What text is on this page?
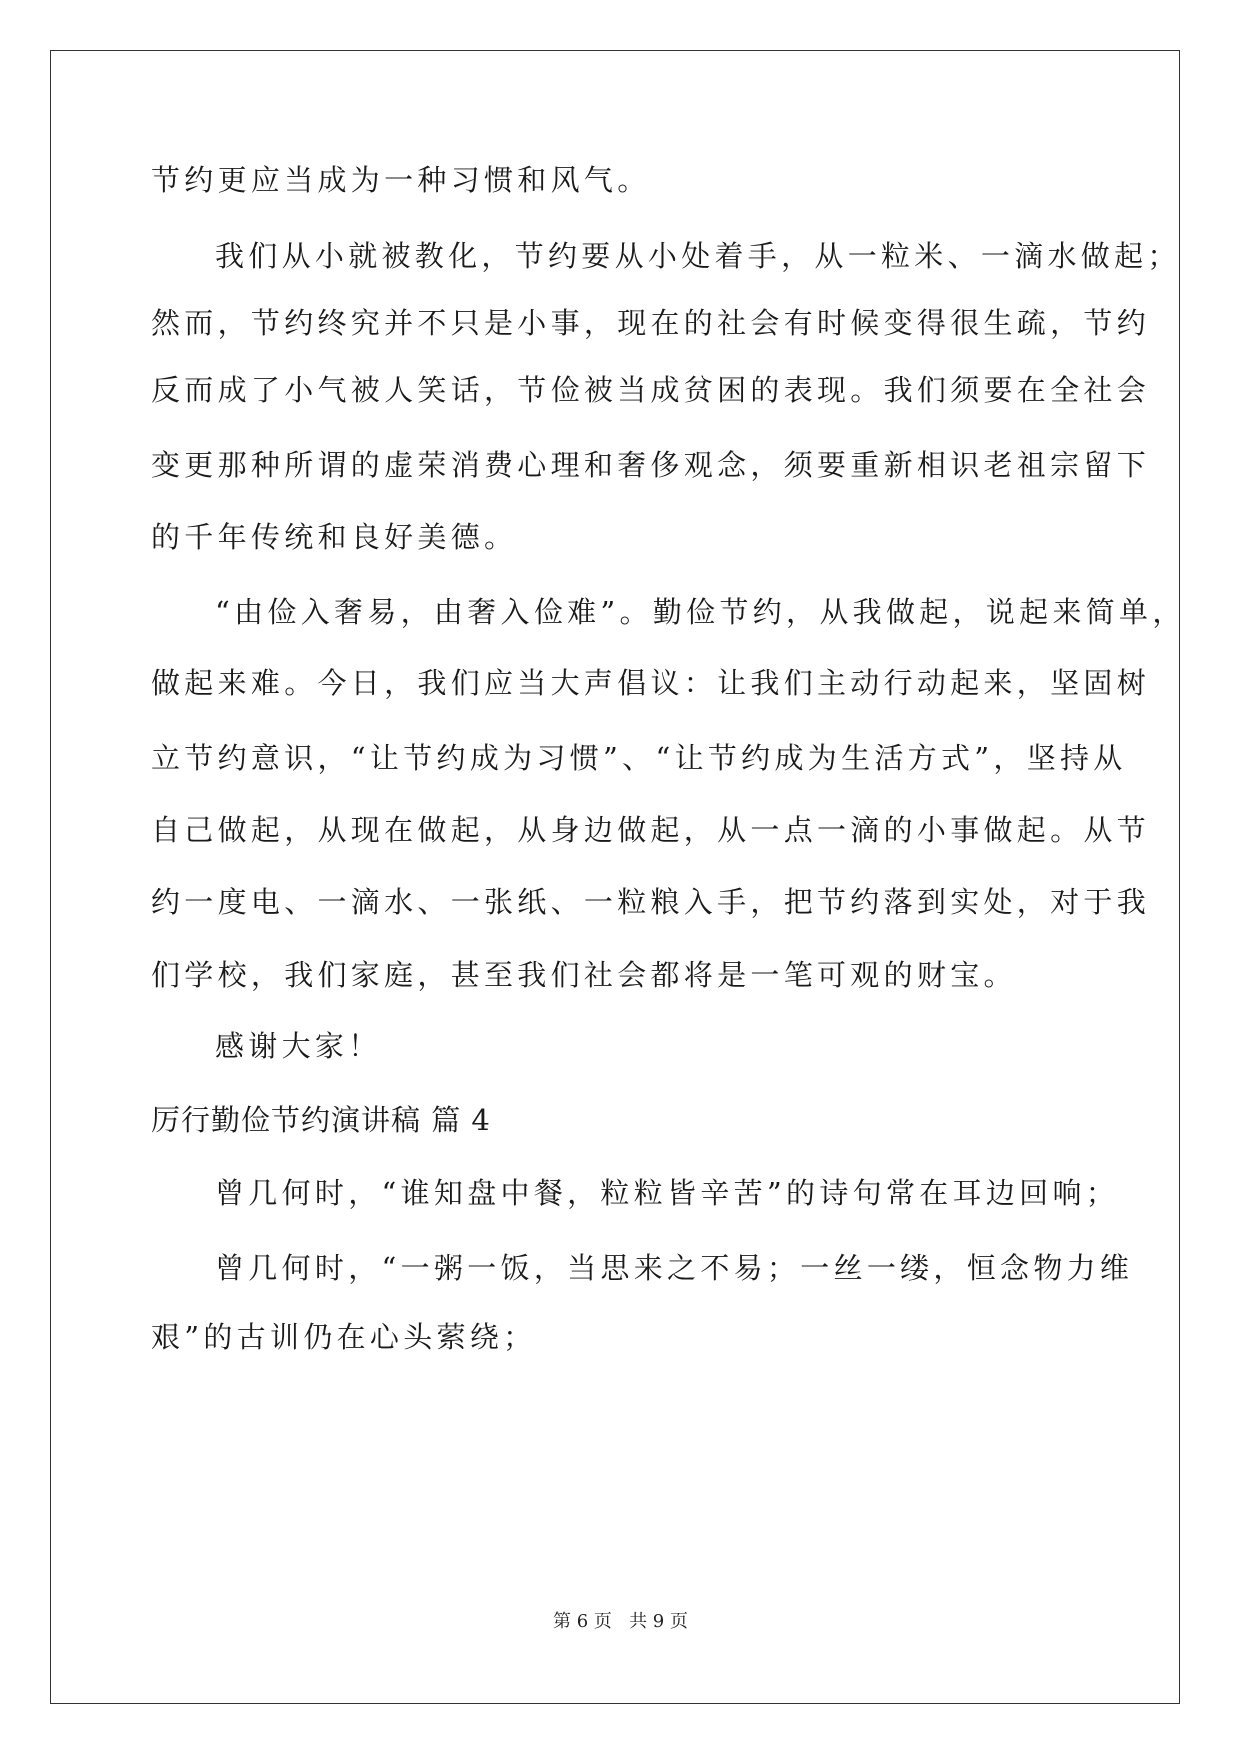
节约更应当成为一种习惯和风气。
我们从小就被教化，节约要从小处着手，从一粒米、一滴水做起；
然而，节约终究并不只是小事，现在的社会有时候变得很生疏，节约
反而成了小气被人笑话，节俭被当成贫困的表现。我们须要在全社会
变更那种所谓的虚荣消费心理和奢侈观念，须要重新相识老祖宗留下
的千年传统和良好美德。
“由俭入奢易，由奢入俭难”。勤俭节约，从我做起，说起来简单，
做起来难。今日，我们应当大声倡议：让我们主动行动起来，坚固树
立节约意识，“让节约成为习惯”、“让节约成为生活方式”，坚持从
自己做起，从现在做起，从身边做起，从一点一滴的小事做起。从节
约一度电、一滴水、一张纸、一粒粮入手，把节约落到实处，对于我
们学校，我们家庭，甚至我们社会都将是一笔可观的财宝。
感谢大家！
厉行勤俭节约演讲稿 篇 4
曾几何时，“谁知盘中餐，粒粒皆辛苦”的诗句常在耳边回响；
曾几何时，“一粥一饭，当思来之不易；一丝一缕，恒念物力维
艰”的古训仍在心头萦绕；
第 6 页   共 9 页
